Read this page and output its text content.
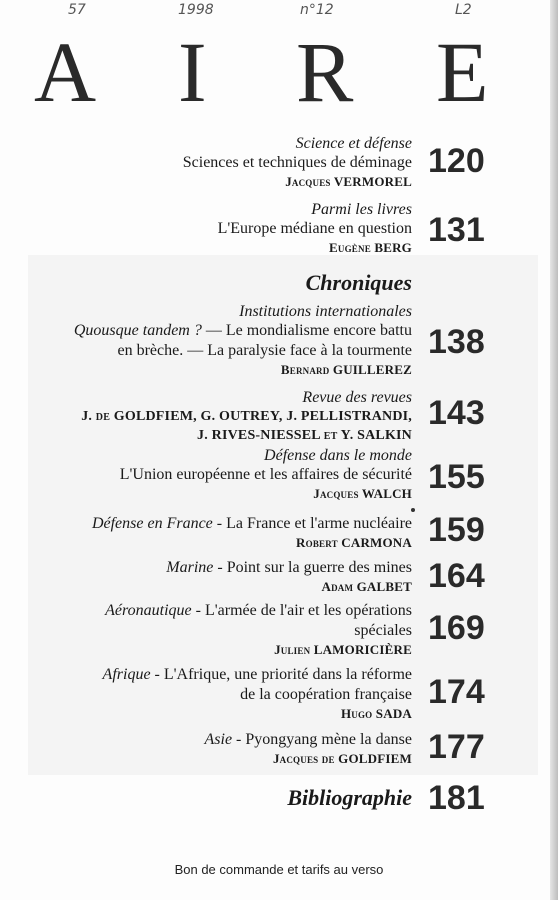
57	1998	n°12	L2
A I R E
Science et défense
Sciences et techniques de déminage
Jacques VERMOREL
120
Parmi les livres
L'Europe médiane en question
Eugène BERG 131
Chroniques
Institutions internationales
Quousque tandem ? — Le mondialisme encore battu
en brèche. — La paralysie face à la tourmente
Bernard GUILLEREZ
138
Revue des revues
J. de GOLDFIEM, G. OUTREY, J. PELLISTRANDI,
J. RIVES-NIESSEL et Y. SALKIN
143
Défense dans le monde
L'Union européenne et les affaires de sécurité
Jacques WALCH 155
Défense en France - La France et l'arme nucléaire
Robert CARMONA 159
Marine - Point sur la guerre des mines
Adam GALBET 164
Aéronautique - L'armée de l'air et les opérations
spéciales
Julien LAMORICIÈRE
169
Afrique - L'Afrique, une priorité dans la réforme
de la coopération française
Hugo SADA
174
Asie - Pyongyang mène la danse
Jacques de GOLDFIEM 177
Bibliographie 181
Bon de commande et tarifs au verso
